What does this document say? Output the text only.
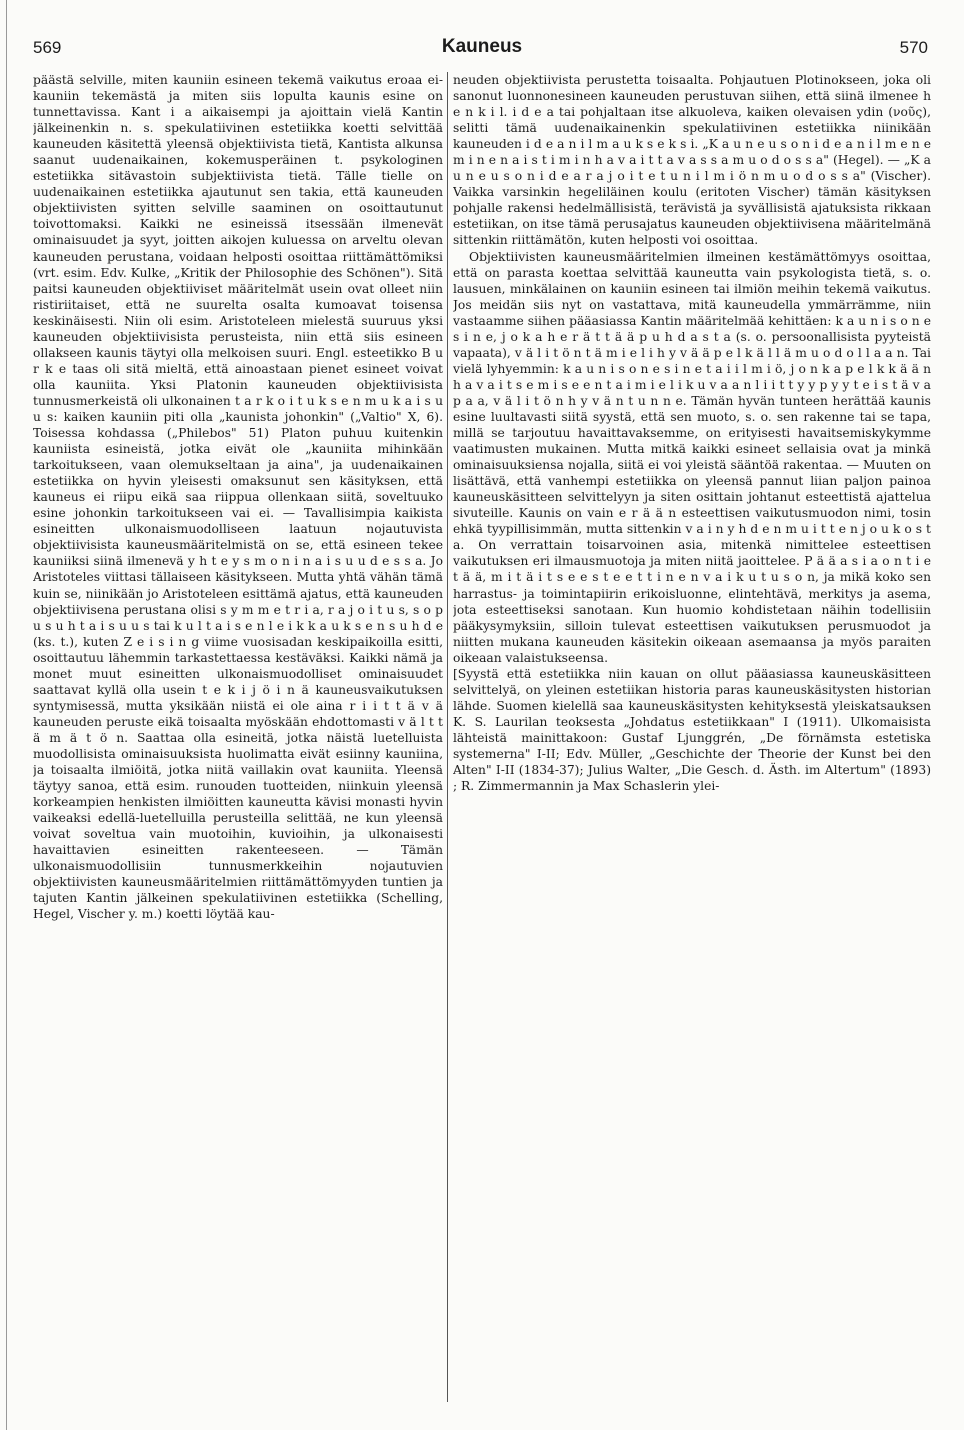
569	Kauneus	570

päästä selville, miten kauniin esineen tekemä vaikutus eroaa ei-kauniin tekemästä ja miten siis lopulta kaunis esine on tunnettavissa. Kant i a aikaisempi ja ajoittain vielä Kantin jälkeinenkin n. s. spekulatiivinen estetiikka koetti selvittää kauneuden käsitettä yleensä objektiivista tietä, Kantista alkunsa saanut uudenaikainen, kokemusperäinen t. psykologinen estetiikka sitävastoin subjektiivista tietä. Tälle tielle on uudenaikainen estetiikka ajautunut sen takia, että kauneuden objektiivisten syitten selville saaminen on osoittautunut toivottomaksi. Kaikki ne esineissä itsessään ilmenevät ominaisuudet ja syyt, joitten aikojen kuluessa on arveltu olevan kauneuden perustana, voidaan helposti osoittaa riittämättömiksi (vrt. esim. Edv. Kulke, „Kritik der Philosophie des Schönen"). Sitä paitsi kauneuden objektiiviset määritelmät usein ovat olleet niin ristiriitaiset, että ne suurelta osalta kumoavat toisensa keskinäisesti. Niin oli esim. Aristoteleen mielestä suuruus yksi kauneuden objektiivisista perusteista, niin että siis esineen ollakseen kaunis täytyi olla melkoisen suuri. Engl. esteetikko B u r k e taas oli sitä mieltä, että ainoastaan pienet esineet voivat olla kauniita. Yksi Platonin kauneuden objektiivisista tunnusmerkeistä oli ulkonainen t a r k o i t u k s e n m u k a i s u u s: kaiken kauniin piti olla „kaunista johonkin" („Valtio" X, 6). Toisessa kohdassa („Philebos" 51) Platon puhuu kuitenkin kauniista esineistä, jotka eivät ole „kauniita mihinkään tarkoitukseen, vaan olemukseltaan ja aina", ja uudenaikainen estetiikka on hyvin yleisesti omaksunut sen käsityksen, että kauneus ei riipu eikä saa riippua ollenkaan siitä, soveltuuko esine johonkin tarkoitukseen vai ei. — Tavallisimpia kaikista esineitten ulkonaismuodolliseen laatuun nojautuvista objektiivisista kauneusmääritelmistä on se, että esineen tekee kauniiksi siinä ilmenevä y h t e y s m o n i n a i s u u d e s s a. Jo Aristoteles viittasi tällaiseen käsitykseen. Mutta yhtä vähän tämä kuin se, niinikään jo Aristoteleen esittämä ajatus, että kauneuden objektiivisena perustana olisi s y m m e t r i a, r a j o i t u s, s o p u s u h t a i s u u s tai k u l t a i s e n l e i k k a u k s e n s u h d e (ks. t.), kuten Z e i s i n g viime vuosisadan keskipaikoilla esitti, osoittautuu lähemmin tarkastettaessa kestäväksi. Kaikki nämä ja monet muut esineitten ulkonaismuodolliset ominaisuudet saattavat kyllä olla usein t e k i j ö i n ä kauneusvaikutuksen syntymisessä, mutta yksikään niistä ei ole aina r i i t t ä v ä kauneuden peruste eikä toisaalta myöskään ehdottomasti v ä l t t ä m ä t ö n. Saattaa olla esineitä, jotka näistä luetelluista muodollisista ominaisuuksista huolimatta eivät esiinny kauniina, ja toisaalta ilmiöitä, jotka niitä vaillakin ovat kauniita. Yleensä täytyy sanoa, että esim. runouden tuotteiden, niinkuin yleensä korkeampien henkisten ilmiöitten kauneutta kävisi monasti hyvin vaikeaksi edellä-luetelluilla perusteilla selittää, ne kun yleensä voivat soveltua vain muotoihin, kuvioihin, ja ulkonaisesti havaittavien esineitten rakenteeseen. — Tämän ulkonaismuodollisiin tunnusmerkkeihin nojautuvien objektiivisten kauneusmääritelmien riittämättömyyden tuntien ja tajuten Kantin jälkeinen spekulatiivinen estetiikka (Schelling, Hegel, Vischer y. m.) koetti löytää kau-

neuden objektiivista perustetta toisaalta. Pohjautuen Plotinokseen, joka oli sanonut luonnonesineen kauneuden perustuvan siihen, että siinä ilmenee h e n k i l. i d e a tai pohjaltaan itse alkuoleva, kaiken olevaisen ydin (νοῦς), selitti tämä uudenaikainenkin spekulatiivinen estetiikka niinikään kauneuden i d e a n i l m a u k s e k s i. „K a u n e u s o n i d e a n i l m e n e m i n e n a i s t i m i n h a v a i t t a v a s s a m u o d o s s a" (Hegel). — „K a u n e u s o n i d e a r a j o i t e t u n i l m i ö n m u o d o s s a" (Vischer). Vaikka varsinkin hegeliläinen koulu (eritoten Vischer) tämän käsityksen pohjalle rakensi hedelmällisistä, terävistä ja syvällisistä ajatuksista rikkaan estetiikan, on itse tämä perusajatus kauneuden objektiivisena määritelmänä sittenkin riittämätön, kuten helposti voi osoittaa.

Objektiivisten kauneusmääritelmien ilmeinen kestämättömyys osoittaa, että on parasta koettaa selvittää kauneutta vain psykologista tietä, s. o. lausuen, minkälainen on kauniin esineen tai ilmiön meihin tekemä vaikutus. Jos meidän siis nyt on vastattava, mitä kauneudella ymmärrämme, niin vastaamme siihen pääasiassa Kantin määritelmää kehittäen: k a u n i s o n e s i n e, j o k a h e r ä t t ä ä p u h d a s t a (s. o. persoonallisista pyyteistä vapaata), v ä l i t ö n t ä m i e l i h y v ä ä p e l k ä l l ä m u o d o l l a a n. Tai vielä lyhyemmin: k a u n i s o n e s i n e t a i i l m i ö, j o n k a p e l k k ä ä n h a v a i t s e m i s e e n t a i m i e l i k u v a a n l i i t t y y p y y t e i s t ä v a p a a, v ä l i t ö n h y v ä n t u n n e. Tämän hyvän tunteen herättää kaunis esine luultavasti siitä syystä, että sen muoto, s. o. sen rakenne tai se tapa, millä se tarjoutuu havaittavaksemme, on erityisesti havaitsemiskykymme vaatimusten mukainen. Mutta mitkä kaikki esineet sellaisia ovat ja minkä ominaisuuksiensa nojalla, siitä ei voi yleistä sääntöä rakentaa. — Muuten on lisättävä, että vanhempi estetiikka on yleensä pannut liian paljon painoa kauneuskäsitteen selvittelyyn ja siten osittain johtanut esteettistä ajattelua sivuteille. Kaunis on vain e r ä ä n esteettisen vaikutusmuodon nimi, tosin ehkä tyypillisimmän, mutta sittenkin v a i n y h d e n m u i t t e n j o u k o s t a. On verrattain toisarvoinen asia, mitenkä nimittelee esteettisen vaikutuksen eri ilmausmuotoja ja miten niitä jaoittelee. P ä ä a s i a o n t i e t ä ä, m i t ä i t s e e s t e e t t i n e n v a i k u t u s o n, ja mikä koko sen harrastus- ja toimintapiirin erikoisluonne, elintehtävä, merkitys ja asema, jota esteettiseksi sanotaan. Kun huomio kohdistetaan näihin todellisiin pääkysymyksiin, silloin tulevat esteettisen vaikutuksen perusmuodot ja niitten mukana kauneuden käsitekin oikeaan asemaansa ja myös paraiten oikeaan valaistukseensa.

[Syystä että estetiikka niin kauan on ollut pääasiassa kauneuskäsitteen selvittelyä, on yleinen estetiikan historia paras kauneuskäsitysten historian lähde. Suomen kielellä saa kauneuskäsitysten kehityksestä yleiskatsauksen K. S. Laurilan teoksesta „Johdatus estetiikkaan" I (1911). Ulkomaisista lähteistä mainittakoon: Gustaf Ljunggrén, „De förnämsta estetiska systemerna" I-II; Edv. Müller, „Geschichte der Theorie der Kunst bei den Alten" I-II (1834-37); Julius Walter, „Die Gesch. d. Ästh. im Altertum" (1893) ; R. Zimmermannin ja Max Schaslerin ylei-
